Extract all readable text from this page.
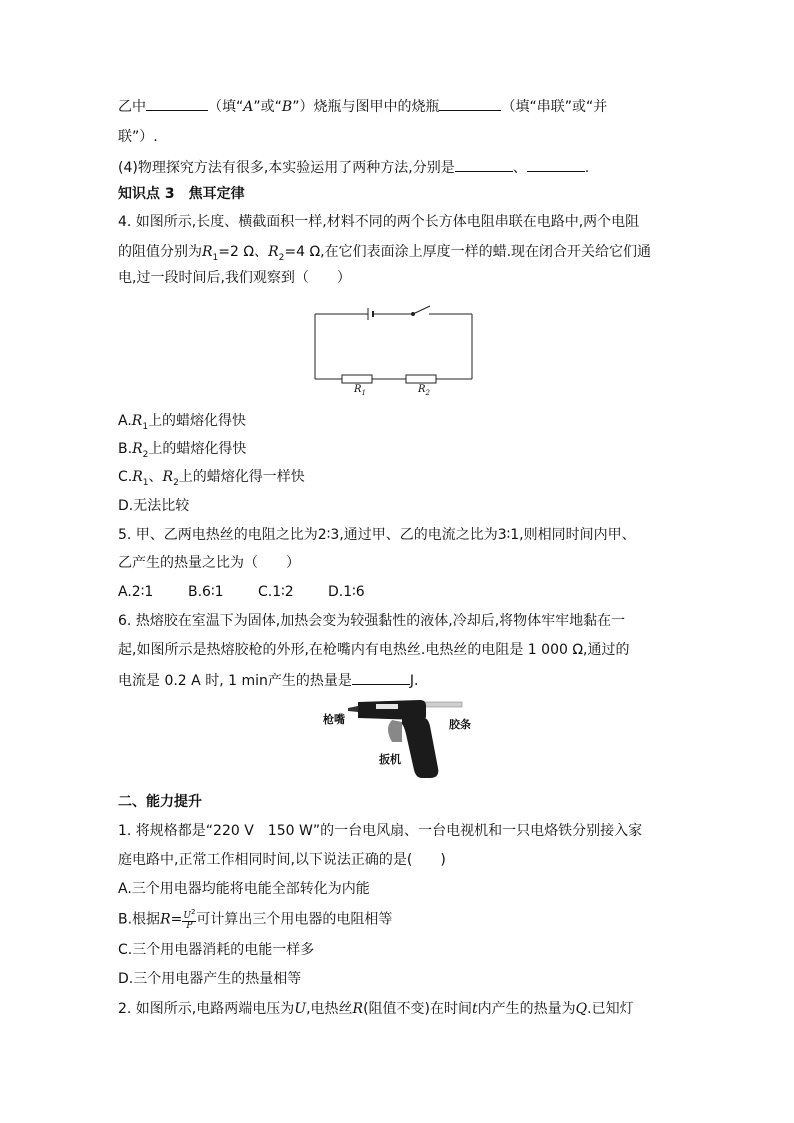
乙中	（填“A”或“B”）烧瓶与图甲中的烧瓶	（填“串联”或“并
联”）.
(4)物理探究方法有很多,本实验运用了两种方法,分别是	、	.
知识点 3　焦耳定律
4. 如图所示,长度、横截面积一样,材料不同的两个长方体电阻串联在电路中,两个电阻
的阻值分别为$R_1=2$ Ω、$R_2=4$ Ω,在它们表面涂上厚度一样的蜡.现在闭合开关给它们通
电,过一段时间后,我们观察到（　　）
$R_1$	$R_2$
$A.R_1$上的蜡熔化得快
$B.R_2$上的蜡熔化得快
$C.R_1$、$R_2$上的蜡熔化得一样快
D.无法比较
5. 甲、乙两电热丝的电阻之比为2∶3,通过甲、乙的电流之比为3∶1,则相同时间内甲、
乙产生的热量之比为（　　）
A.2∶1 B.6∶1 C.1∶2 D.1∶6
6. 热熔胶在室温下为固体,加热会变为较强黏性的液体,冷却后,将物体牢牢地黏在一
起,如图所示是热熔胶枪的外形,在枪嘴内有电热丝.电热丝的电阻是 1 000 Ω,通过的
电流是 0.2 A 时, 1 min产生的热量是	J.
枪嘴	胶条
扳机
二、能力提升
1. 将规格都是“220 V　150 W”的一台电风扇、一台电视机和一只电烙铁分别接入家
庭电路中,正常工作相同时间,以下说法正确的是(　　)
A.三个用电器均能将电能全部转化为内能
B.根据$R= \frac{U^2}{P}$ 可计算出三个用电器的电阻相等
C.三个用电器消耗的电能一样多
D.三个用电器产生的热量相等
2. 如图所示,电路两端电压为U,电热丝R(阻值不变)在时间t内产生的热量为Q.已知灯
